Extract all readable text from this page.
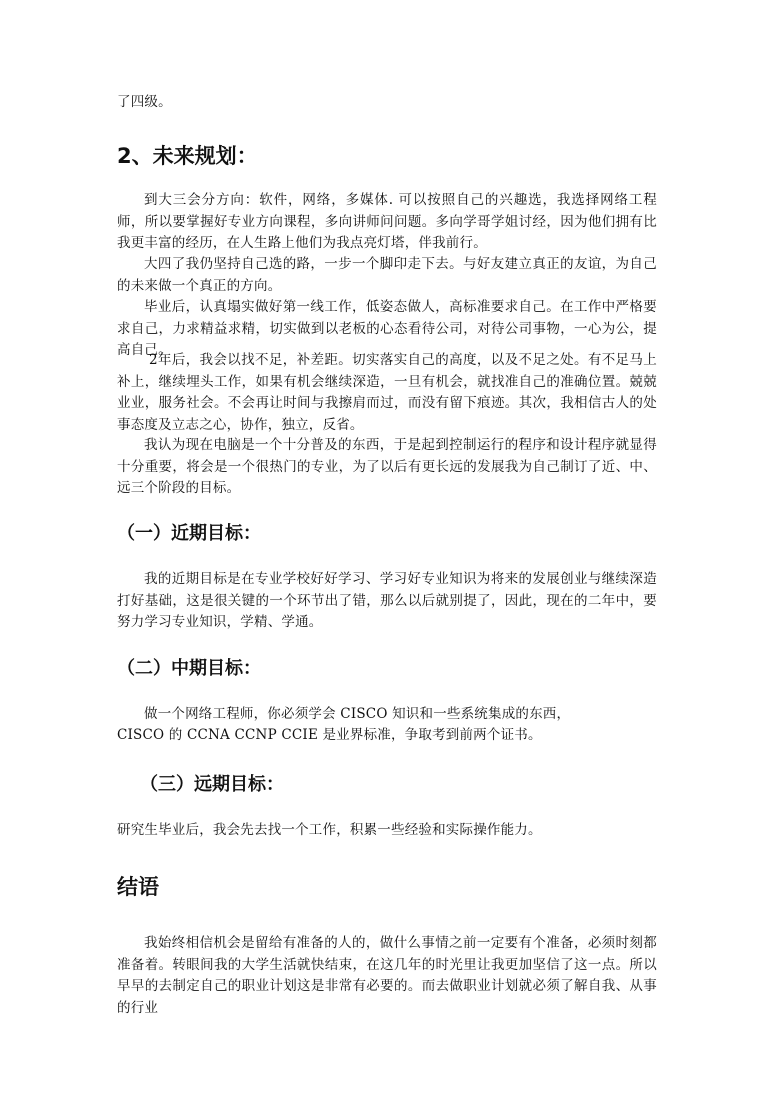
了四级。

2、未来规划：

到大三会分方向：软件，网络，多媒体. 可以按照自己的兴趣选，我选择网络工程师，所以要掌握好专业方向课程，多向讲师问问题。多向学哥学姐讨经，因为他们拥有比我更丰富的经历，在人生路上他们为我点亮灯塔，伴我前行。

大四了我仍坚持自己选的路，一步一个脚印走下去。与好友建立真正的友谊，为自己的未来做一个真正的方向。

毕业后，认真塌实做好第一线工作，低姿态做人，高标准要求自己。在工作中严格要求自己，力求精益求精，切实做到以老板的心态看待公司，对待公司事物，一心为公，提高自己。

2年后，我会以找不足，补差距。切实落实自己的高度，以及不足之处。有不足马上补上，继续埋头工作，如果有机会继续深造，一旦有机会，就找准自己的准确位置。兢兢业业，服务社会。不会再让时间与我擦肩而过，而没有留下痕迹。其次，我相信古人的处事态度及立志之心，协作，独立，反省。

我认为现在电脑是一个十分普及的东西，于是起到控制运行的程序和设计程序就显得十分重要，将会是一个很热门的专业，为了以后有更长远的发展我为自己制订了近、中、远三个阶段的目标。

（一）近期目标：

我的近期目标是在专业学校好好学习、学习好专业知识为将来的发展创业与继续深造打好基础，这是很关键的一个环节出了错，那么以后就别提了，因此，现在的二年中，要努力学习专业知识，学精、学通。

（二）中期目标：

做一个网络工程师，你必须学会 CISCO 知识和一些系统集成的东西，

CISCO 的 CCNA CCNP CCIE 是业界标准，争取考到前两个证书。

（三）远期目标：

研究生毕业后，我会先去找一个工作，积累一些经验和实际操作能力。

结语

我始终相信机会是留给有准备的人的，做什么事情之前一定要有个准备，必须时刻都准备着。转眼间我的大学生活就快结束，在这几年的时光里让我更加坚信了这一点。所以早早的去制定自己的职业计划这是非常有必要的。而去做职业计划就必须了解自我、从事的行业
